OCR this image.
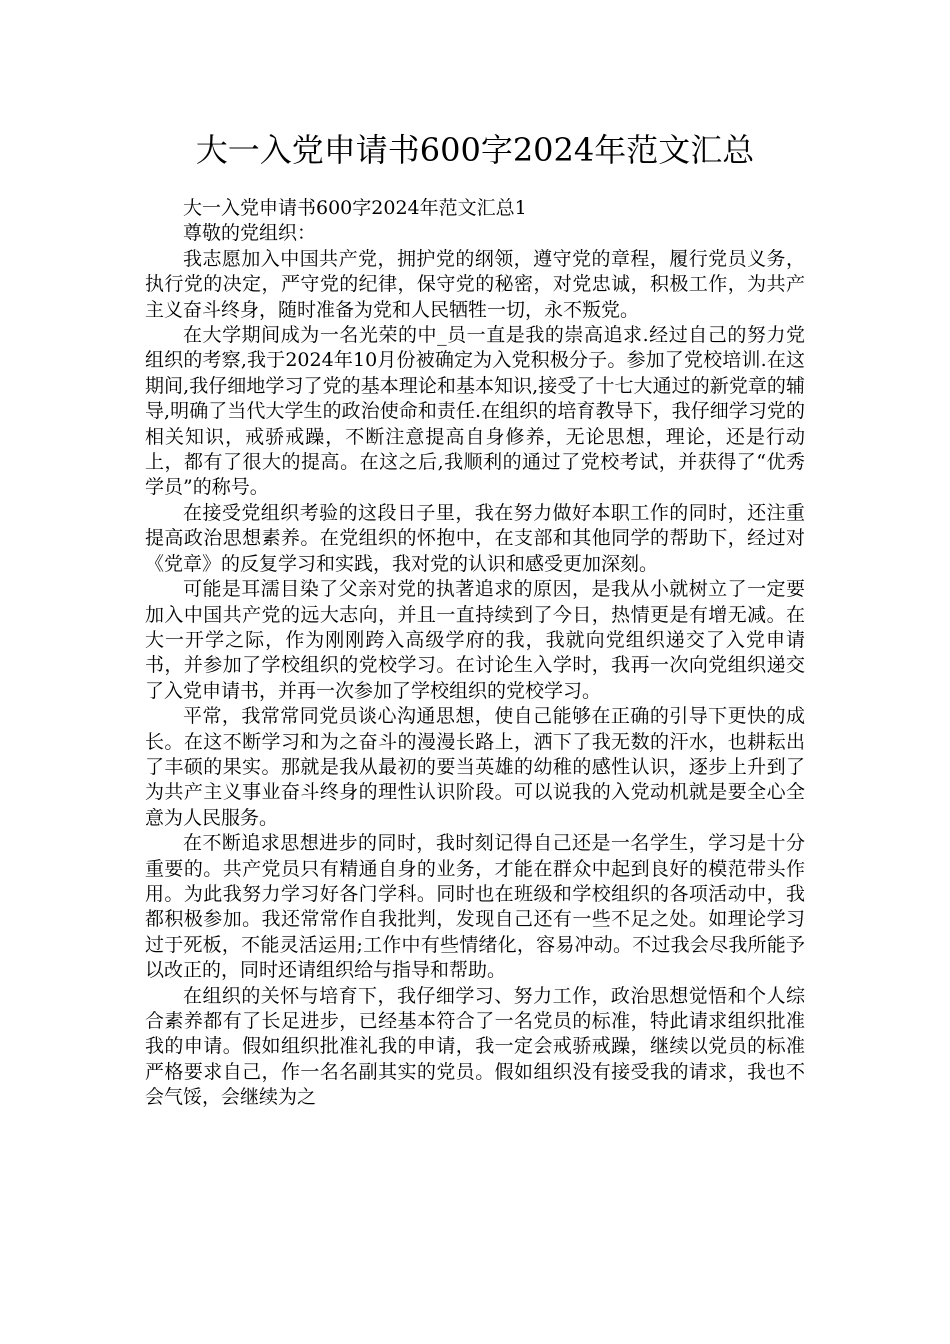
大一入党申请书600字2024年范文汇总

大一入党申请书600字2024年范文汇总1

尊敬的党组织：

我志愿加入中国共产党，拥护党的纲领，遵守党的章程，履行党员义务，执行党的决定，严守党的纪律，保守党的秘密，对党忠诚，积极工作，为共产主义奋斗终身，随时准备为党和人民牺牲一切，永不叛党。

在大学期间成为一名光荣的中_员一直是我的崇高追求.经过自己的努力党组织的考察,我于2024年10月份被确定为入党积极分子。参加了党校培训.在这期间,我仔细地学习了党的基本理论和基本知识,接受了十七大通过的新党章的辅导,明确了当代大学生的政治使命和责任.在组织的培育教导下，我仔细学习党的相关知识，戒骄戒躁，不断注意提高自身修养，无论思想，理论，还是行动上，都有了很大的提高。在这之后,我顺利的通过了党校考试，并获得了“优秀学员”的称号。

在接受党组织考验的这段日子里，我在努力做好本职工作的同时，还注重提高政治思想素养。在党组织的怀抱中，在支部和其他同学的帮助下，经过对《党章》的反复学习和实践，我对党的认识和感受更加深刻。

可能是耳濡目染了父亲对党的执著追求的原因，是我从小就树立了一定要加入中国共产党的远大志向，并且一直持续到了今日，热情更是有增无减。在大一开学之际，作为刚刚跨入高级学府的我，我就向党组织递交了入党申请书，并参加了学校组织的党校学习。在讨论生入学时，我再一次向党组织递交了入党申请书，并再一次参加了学校组织的党校学习。

平常，我常常同党员谈心沟通思想，使自己能够在正确的引导下更快的成长。在这不断学习和为之奋斗的漫漫长路上，洒下了我无数的汗水，也耕耘出了丰硕的果实。那就是我从最初的要当英雄的幼稚的感性认识，逐步上升到了为共产主义事业奋斗终身的理性认识阶段。可以说我的入党动机就是要全心全意为人民服务。

在不断追求思想进步的同时，我时刻记得自己还是一名学生，学习是十分重要的。共产党员只有精通自身的业务，才能在群众中起到良好的模范带头作用。为此我努力学习好各门学科。同时也在班级和学校组织的各项活动中，我都积极参加。我还常常作自我批判，发现自己还有一些不足之处。如理论学习过于死板，不能灵活运用;工作中有些情绪化，容易冲动。不过我会尽我所能予以改正的，同时还请组织给与指导和帮助。

在组织的关怀与培育下，我仔细学习、努力工作，政治思想觉悟和个人综合素养都有了长足进步，已经基本符合了一名党员的标准，特此请求组织批准我的申请。假如组织批准礼我的申请，我一定会戒骄戒躁，继续以党员的标准严格要求自己，作一名名副其实的党员。假如组织没有接受我的请求，我也不会气馁，会继续为之
